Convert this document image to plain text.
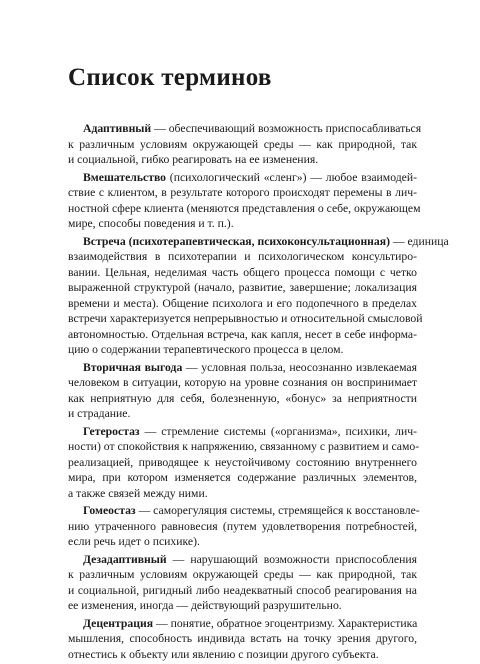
Список терминов
Адаптивный — обеспечивающий возможность приспосабливаться
к различным условиям окружающей среды — как природной, так
и социальной, гибко реагировать на ее изменения.
Вмешательство (психологический «сленг») — любое взаимодей-
ствие с клиентом, в результате которого происходят перемены в лич-
ностной сфере клиента (меняются представления о себе, окружающем
мире, способы поведения и т. п.).
Встреча (психотерапевтическая, психоконсультационная) — единица
взаимодействия в психотерапии и психологическом консультиро-
вании. Цельная, неделимая часть общего процесса помощи с четко
выраженной структурой (начало, развитие, завершение; локализация
времени и места). Общение психолога и его подопечного в пределах
встречи характеризуется непрерывностью и относительной смысловой
автономностью. Отдельная встреча, как капля, несет в себе информа-
цию о содержании терапевтического процесса в целом.
Вторичная выгода — условная польза, неосознанно извлекаемая
человеком в ситуации, которую на уровне сознания он воспринимает
как неприятную для себя, болезненную, «бонус» за неприятности
и страдание.
Гетеростаз — стремление системы («организма», психики, лич-
ности) от спокойствия к напряжению, связанному с развитием и само-
реализацией, приводящее к неустойчивому состоянию внутреннего
мира, при котором изменяется содержание различных элементов,
а также связей между ними.
Гомеостаз — саморегуляция системы, стремящейся к восстановле-
нию утраченного равновесия (путем удовлетворения потребностей,
если речь идет о психике).
Дезадаптивный — нарушающий возможности приспособления
к различным условиям окружающей среды — как природной, так
и социальной, ригидный либо неадекватный способ реагирования на
ее изменения, иногда — действующий разрушительно.
Децентрация — понятие, обратное эгоцентризму. Характеристика
мышления, способность индивида встать на точку зрения другого,
отнестись к объекту или явлению с позиции другого субъекта.
